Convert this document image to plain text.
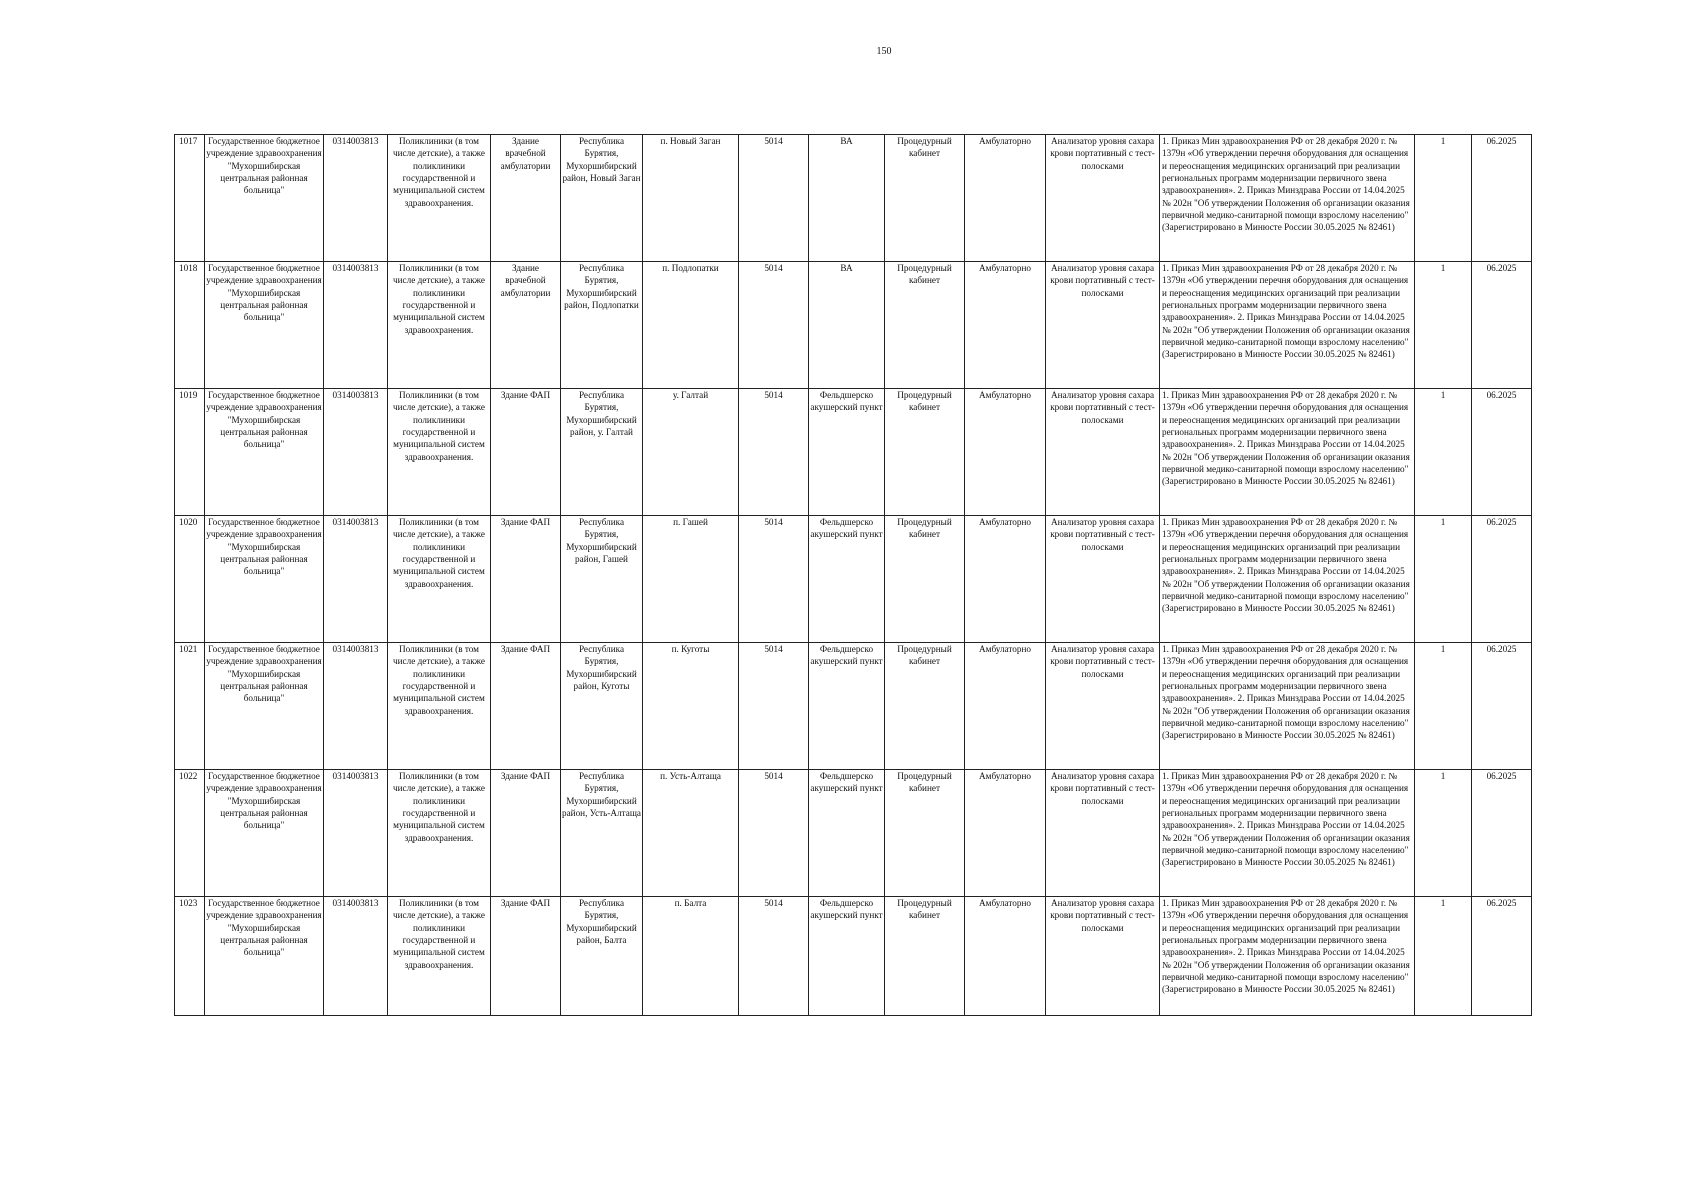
150
1017	Государственное бюджетное учреждение здравоохранения "Мухоршибирская центральная районная больница"	0314003813	Поликлиники (в том числе детские), а также поликлиники государственной и муниципальной систем здравоохранения.	Здание врачебной амбулатории	Республика Бурятия, Мухоршибирский район, Новый Заган	п. Новый Заган	5014	ВА	Процедурный кабинет	Амбулаторно	Анализатор уровня сахара крови портативный с тест-полосками	1. Приказ Мин здравоохранения РФ от 28 декабря 2020 г. № 1379н «Об утверждении перечня оборудования для оснащения и переоснащения медицинских организаций при реализации региональных программ модернизации первичного звена здравоохранения». 2. Приказ Минздрава России от 14.04.2025 № 202н "Об утверждении Положения об организации оказания первичной медико-санитарной помощи взрослому населению" (Зарегистрировано в Минюсте России 30.05.2025 № 82461)	1	06.2025
1018	Государственное бюджетное учреждение здравоохранения "Мухоршибирская центральная районная больница"	0314003813	Поликлиники (в том числе детские), а также поликлиники государственной и муниципальной систем здравоохранения.	Здание врачебной амбулатории	Республика Бурятия, Мухоршибирский район, Подлопатки	п. Подлопатки	5014	ВА	Процедурный кабинет	Амбулаторно	Анализатор уровня сахара крови портативный с тест-полосками	1. Приказ Мин здравоохранения РФ от 28 декабря 2020 г. № 1379н «Об утверждении перечня оборудования для оснащения и переоснащения медицинских организаций при реализации региональных программ модернизации первичного звена здравоохранения». 2. Приказ Минздрава России от 14.04.2025 № 202н "Об утверждении Положения об организации оказания первичной медико-санитарной помощи взрослому населению" (Зарегистрировано в Минюсте России 30.05.2025 № 82461)	1	06.2025
1019	Государственное бюджетное учреждение здравоохранения "Мухоршибирская центральная районная больница"	0314003813	Поликлиники (в том числе детские), а также поликлиники государственной и муниципальной систем здравоохранения.	Здание ФАП	Республика Бурятия, Мухоршибирский район, у. Галтай	у. Галтай	5014	Фельдшерско акушерский пункт	Процедурный кабинет	Амбулаторно	Анализатор уровня сахара крови портативный с тест-полосками	1. Приказ Мин здравоохранения РФ от 28 декабря 2020 г. № 1379н «Об утверждении перечня оборудования для оснащения и переоснащения медицинских организаций при реализации региональных программ модернизации первичного звена здравоохранения». 2. Приказ Минздрава России от 14.04.2025 № 202н "Об утверждении Положения об организации оказания первичной медико-санитарной помощи взрослому населению" (Зарегистрировано в Минюсте России 30.05.2025 № 82461)	1	06.2025
1020	Государственное бюджетное учреждение здравоохранения "Мухоршибирская центральная районная больница"	0314003813	Поликлиники (в том числе детские), а также поликлиники государственной и муниципальной систем здравоохранения.	Здание ФАП	Республика Бурятия, Мухоршибирский район, Гашей	п. Гашей	5014	Фельдшерско акушерский пункт	Процедурный кабинет	Амбулаторно	Анализатор уровня сахара крови портативный с тест-полосками	1. Приказ Мин здравоохранения РФ от 28 декабря 2020 г. № 1379н «Об утверждении перечня оборудования для оснащения и переоснащения медицинских организаций при реализации региональных программ модернизации первичного звена здравоохранения». 2. Приказ Минздрава России от 14.04.2025 № 202н "Об утверждении Положения об организации оказания первичной медико-санитарной помощи взрослому населению" (Зарегистрировано в Минюсте России 30.05.2025 № 82461)	1	06.2025
1021	Государственное бюджетное учреждение здравоохранения "Мухоршибирская центральная районная больница"	0314003813	Поликлиники (в том числе детские), а также поликлиники государственной и муниципальной систем здравоохранения.	Здание ФАП	Республика Бурятия, Мухоршибирский район, Куготы	п. Куготы	5014	Фельдшерско акушерский пункт	Процедурный кабинет	Амбулаторно	Анализатор уровня сахара крови портативный с тест-полосками	1. Приказ Мин здравоохранения РФ от 28 декабря 2020 г. № 1379н «Об утверждении перечня оборудования для оснащения и переоснащения медицинских организаций при реализации региональных программ модернизации первичного звена здравоохранения». 2. Приказ Минздрава России от 14.04.2025 № 202н "Об утверждении Положения об организации оказания первичной медико-санитарной помощи взрослому населению" (Зарегистрировано в Минюсте России 30.05.2025 № 82461)	1	06.2025
1022	Государственное бюджетное учреждение здравоохранения "Мухоршибирская центральная районная больница"	0314003813	Поликлиники (в том числе детские), а также поликлиники государственной и муниципальной систем здравоохранения.	Здание ФАП	Республика Бурятия, Мухоршибирский район, Усть-Алтаща	п. Усть-Алтаща	5014	Фельдшерско акушерский пункт	Процедурный кабинет	Амбулаторно	Анализатор уровня сахара крови портативный с тест-полосками	1. Приказ Мин здравоохранения РФ от 28 декабря 2020 г. № 1379н «Об утверждении перечня оборудования для оснащения и переоснащения медицинских организаций при реализации региональных программ модернизации первичного звена здравоохранения». 2. Приказ Минздрава России от 14.04.2025 № 202н "Об утверждении Положения об организации оказания первичной медико-санитарной помощи взрослому населению" (Зарегистрировано в Минюсте России 30.05.2025 № 82461)	1	06.2025
1023	Государственное бюджетное учреждение здравоохранения "Мухоршибирская центральная районная больница"	0314003813	Поликлиники (в том числе детские), а также поликлиники государственной и муниципальной систем здравоохранения.	Здание ФАП	Республика Бурятия, Мухоршибирский район, Балта	п. Балта	5014	Фельдшерско акушерский пункт	Процедурный кабинет	Амбулаторно	Анализатор уровня сахара крови портативный с тест-полосками	1. Приказ Мин здравоохранения РФ от 28 декабря 2020 г. № 1379н «Об утверждении перечня оборудования для оснащения и переоснащения медицинских организаций при реализации региональных программ модернизации первичного звена здравоохранения». 2. Приказ Минздрава России от 14.04.2025 № 202н "Об утверждении Положения об организации оказания первичной медико-санитарной помощи взрослому населению" (Зарегистрировано в Минюсте России 30.05.2025 № 82461)	1	06.2025
